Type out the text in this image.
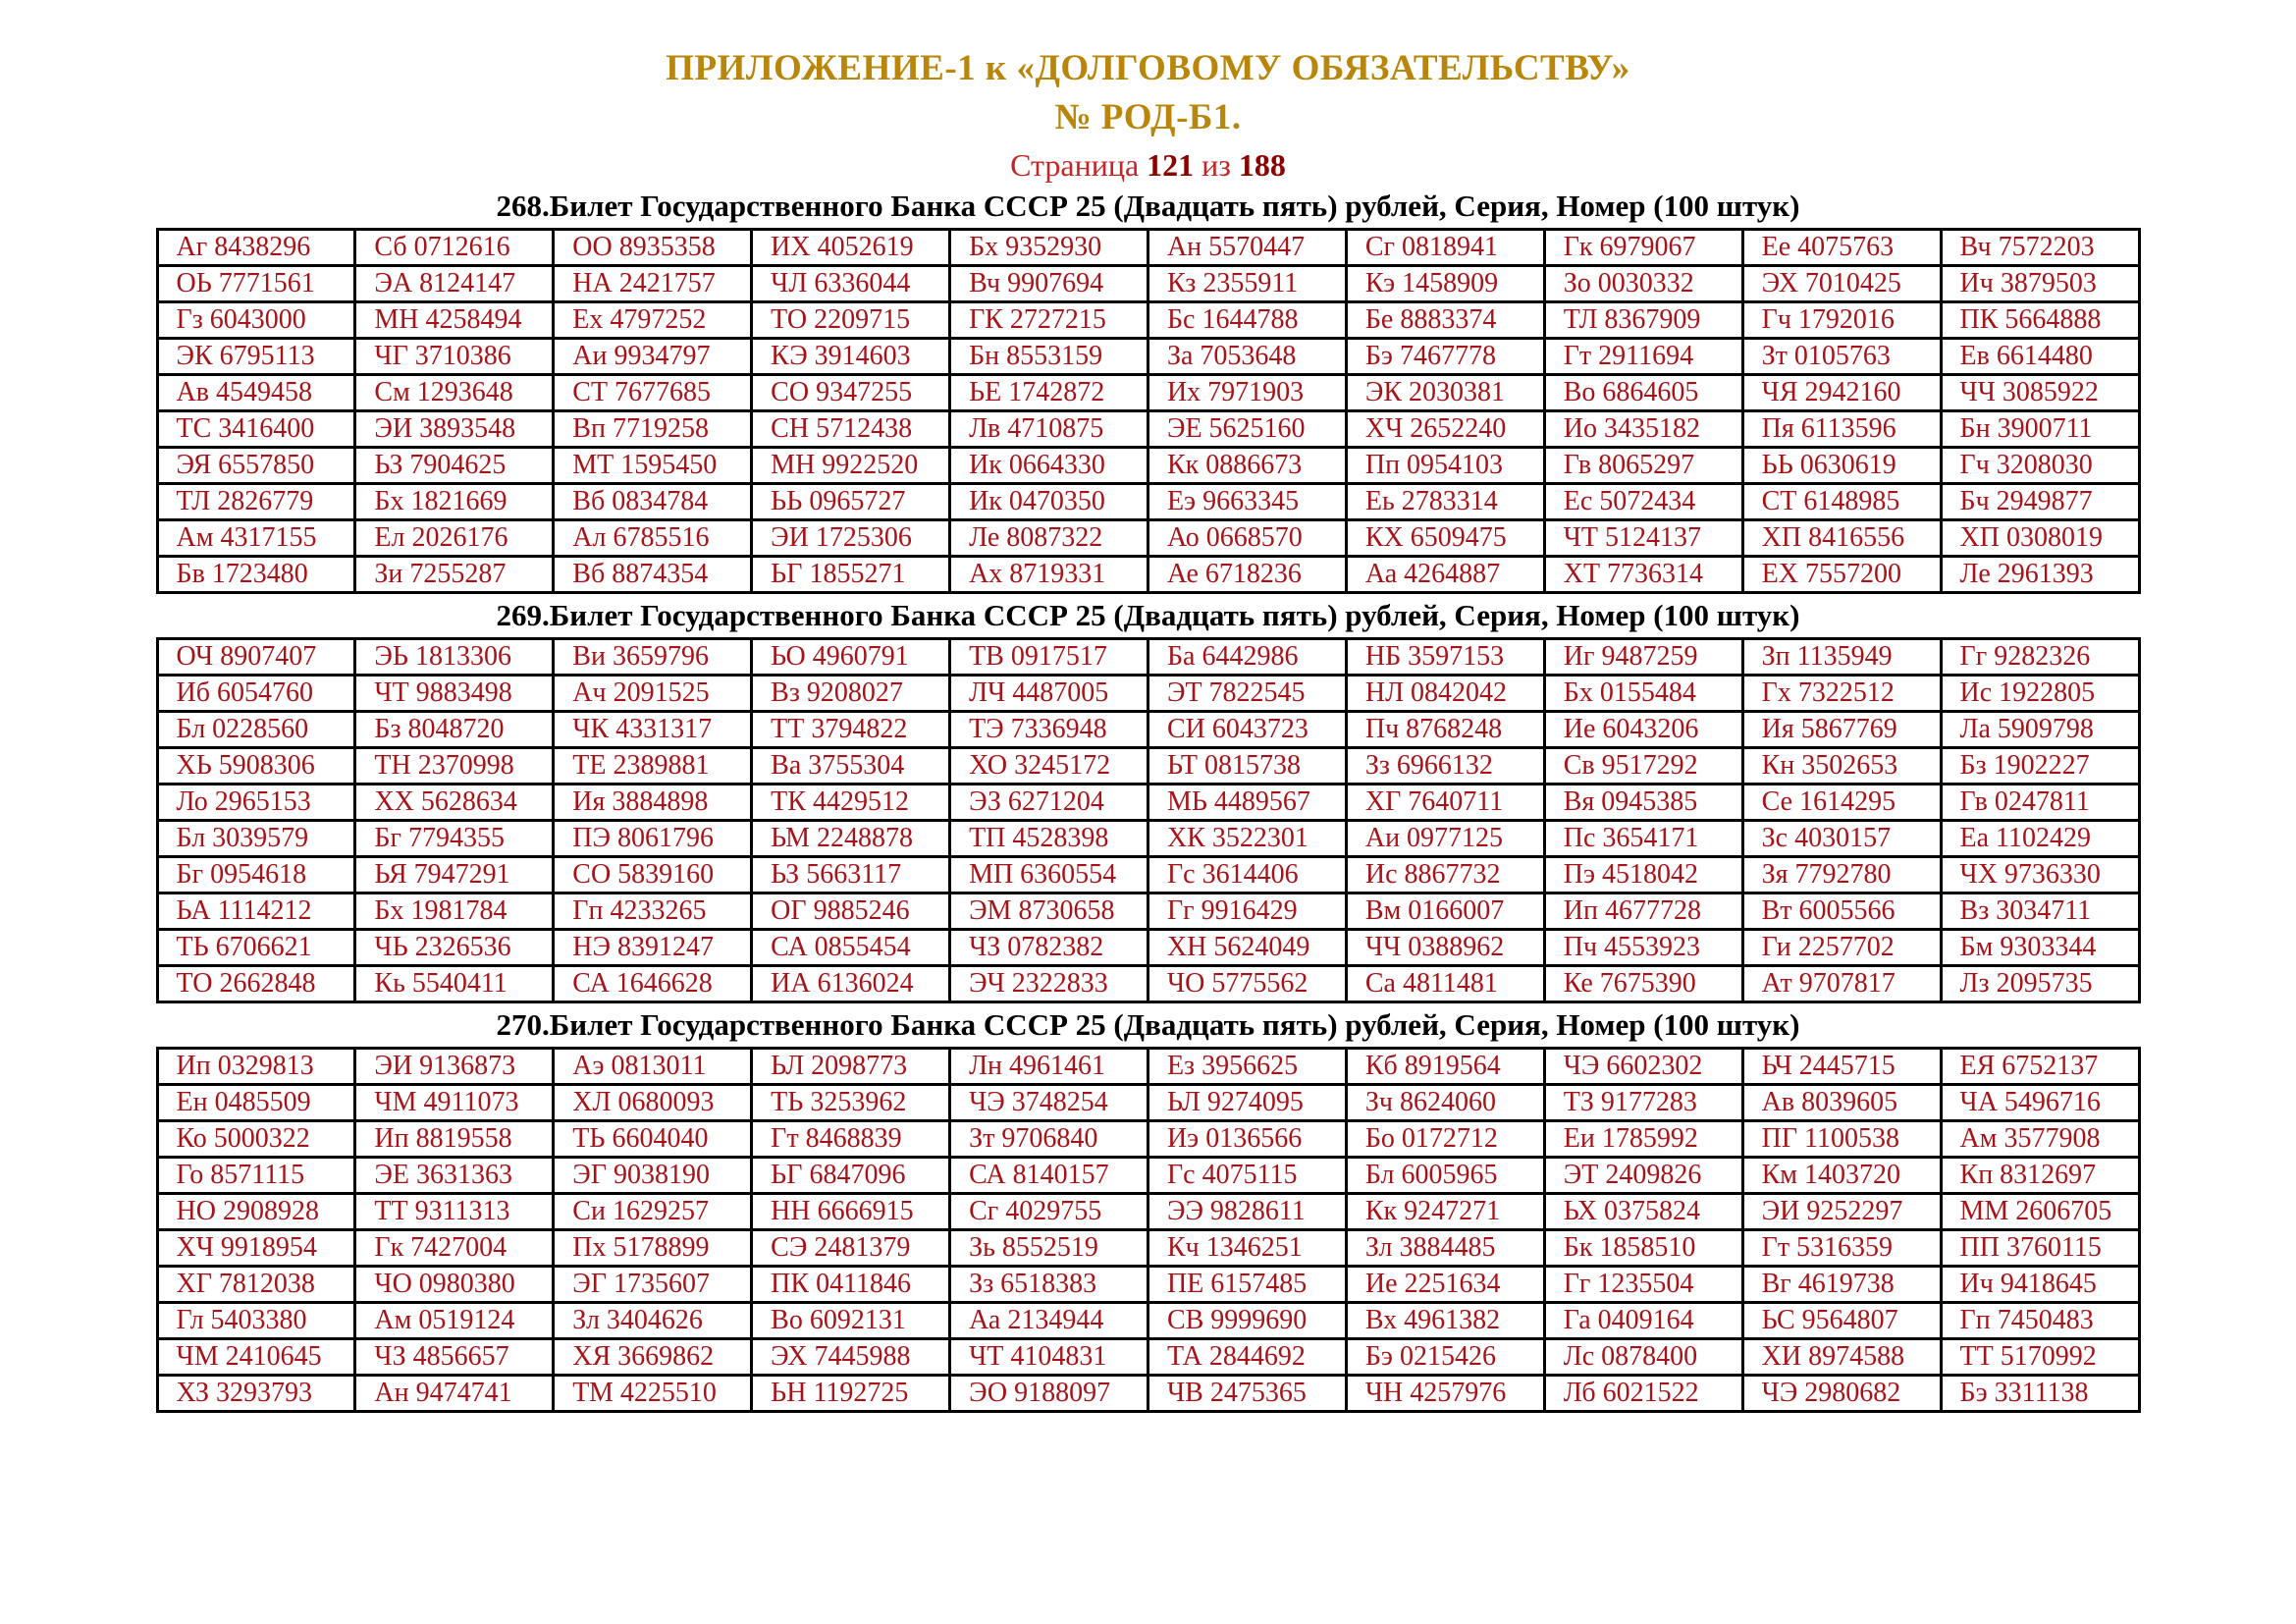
ПРИЛОЖЕНИЕ-1 к «ДОЛГОВОМУ ОБЯЗАТЕЛЬСТВУ»
№ РОД-Б1.
Страница 121 из 188
268.Билет Государственного Банка СССР 25 (Двадцать пять) рублей, Серия, Номер (100 штук)
Аг 8438296	Сб 0712616	ОО 8935358	ИХ 4052619	Бх 9352930	Ан 5570447	Сг 0818941	Гк 6979067	Ее 4075763	Вч 7572203
ОЬ 7771561	ЭА 8124147	НА 2421757	ЧЛ 6336044	Вч 9907694	Кз 2355911	Кэ 1458909	Зо 0030332	ЭХ 7010425	Ич 3879503
Гз 6043000	МН 4258494	Ех 4797252	ТО 2209715	ГК 2727215	Бс 1644788	Бе 8883374	ТЛ 8367909	Гч 1792016	ПК 5664888
ЭК 6795113	ЧГ 3710386	Аи 9934797	КЭ 3914603	Бн 8553159	За 7053648	Бэ 7467778	Гт 2911694	Зт 0105763	Ев 6614480
Ав 4549458	См 1293648	СТ 7677685	СО 9347255	ЬЕ 1742872	Их 7971903	ЭК 2030381	Во 6864605	ЧЯ 2942160	ЧЧ 3085922
ТС 3416400	ЭИ 3893548	Вп 7719258	СН 5712438	Лв 4710875	ЭЕ 5625160	ХЧ 2652240	Ио 3435182	Пя 6113596	Бн 3900711
ЭЯ 6557850	ЬЗ 7904625	МТ 1595450	МН 9922520	Ик 0664330	Кк 0886673	Пп 0954103	Гв 8065297	ЬЬ 0630619	Гч 3208030
ТЛ 2826779	Бх 1821669	Вб 0834784	ЬЬ 0965727	Ик 0470350	Еэ 9663345	Еь 2783314	Ес 5072434	СТ 6148985	Бч 2949877
Ам 4317155	Ел 2026176	Ал 6785516	ЭИ 1725306	Ле 8087322	Ао 0668570	КХ 6509475	ЧТ 5124137	ХП 8416556	ХП 0308019
Бв 1723480	Зи 7255287	Вб 8874354	ЬГ 1855271	Ах 8719331	Ае 6718236	Аа 4264887	ХТ 7736314	ЕХ 7557200	Ле 2961393
269.Билет Государственного Банка СССР 25 (Двадцать пять) рублей, Серия, Номер (100 штук)
ОЧ 8907407	ЭЬ 1813306	Ви 3659796	ЬО 4960791	ТВ 0917517	Ба 6442986	НБ 3597153	Иг 9487259	Зп 1135949	Гг 9282326
Иб 6054760	ЧТ 9883498	Ач 2091525	Вз 9208027	ЛЧ 4487005	ЭТ 7822545	НЛ 0842042	Бх 0155484	Гх 7322512	Ис 1922805
Бл 0228560	Бз 8048720	ЧК 4331317	ТТ 3794822	ТЭ 7336948	СИ 6043723	Пч 8768248	Ие 6043206	Ия 5867769	Ла 5909798
ХЬ 5908306	ТН 2370998	ТЕ 2389881	Ва 3755304	ХО 3245172	ЬТ 0815738	Зз 6966132	Св 9517292	Кн 3502653	Бз 1902227
Ло 2965153	ХХ 5628634	Ия 3884898	ТК 4429512	ЭЗ 6271204	МЬ 4489567	ХГ 7640711	Вя 0945385	Се 1614295	Гв 0247811
Бл 3039579	Бг 7794355	ПЭ 8061796	ЬМ 2248878	ТП 4528398	ХК 3522301	Аи 0977125	Пс 3654171	Зс 4030157	Еа 1102429
Бг 0954618	ЬЯ 7947291	СО 5839160	ЬЗ 5663117	МП 6360554	Гс 3614406	Ис 8867732	Пэ 4518042	Зя 7792780	ЧХ 9736330
ЬА 1114212	Бх 1981784	Гп 4233265	ОГ 9885246	ЭМ 8730658	Гг 9916429	Вм 0166007	Ип 4677728	Вт 6005566	Вз 3034711
ТЬ 6706621	ЧЬ 2326536	НЭ 8391247	СА 0855454	ЧЗ 0782382	ХН 5624049	ЧЧ 0388962	Пч 4553923	Ги 2257702	Бм 9303344
ТО 2662848	Кь 5540411	СА 1646628	ИА 6136024	ЭЧ 2322833	ЧО 5775562	Са 4811481	Ке 7675390	Ат 9707817	Лз 2095735
270.Билет Государственного Банка СССР 25 (Двадцать пять) рублей, Серия, Номер (100 штук)
Ип 0329813	ЭИ 9136873	Аэ 0813011	ЬЛ 2098773	Лн 4961461	Ез 3956625	Кб 8919564	ЧЭ 6602302	ЬЧ 2445715	ЕЯ 6752137
Ен 0485509	ЧМ 4911073	ХЛ 0680093	ТЬ 3253962	ЧЭ 3748254	ЬЛ 9274095	Зч 8624060	ТЗ 9177283	Ав 8039605	ЧА 5496716
Ко 5000322	Ип 8819558	ТЬ 6604040	Гт 8468839	Зт 9706840	Иэ 0136566	Бо 0172712	Еи 1785992	ПГ 1100538	Ам 3577908
Го 8571115	ЭЕ 3631363	ЭГ 9038190	ЬГ 6847096	СА 8140157	Гс 4075115	Бл 6005965	ЭТ 2409826	Км 1403720	Кп 8312697
НО 2908928	ТТ 9311313	Си 1629257	НН 6666915	Сг 4029755	ЭЭ 9828611	Кк 9247271	ЬХ 0375824	ЭИ 9252297	ММ 2606705
ХЧ 9918954	Гк 7427004	Пх 5178899	СЭ 2481379	Зь 8552519	Кч 1346251	Зл 3884485	Бк 1858510	Гт 5316359	ПП 3760115
ХГ 7812038	ЧО 0980380	ЭГ 1735607	ПК 0411846	Зз 6518383	ПЕ 6157485	Ие 2251634	Гг 1235504	Вг 4619738	Ич 9418645
Гл 5403380	Ам 0519124	Зл 3404626	Во 6092131	Аа 2134944	СВ 9999690	Вх 4961382	Га 0409164	ЬС 9564807	Гп 7450483
ЧМ 2410645	ЧЗ 4856657	ХЯ 3669862	ЭХ 7445988	ЧТ 4104831	ТА 2844692	Бэ 0215426	Лс 0878400	ХИ 8974588	ТТ 5170992
ХЗ 3293793	Ан 9474741	ТМ 4225510	ЬН 1192725	ЭО 9188097	ЧВ 2475365	ЧН 4257976	Лб 6021522	ЧЭ 2980682	Бэ 3311138
